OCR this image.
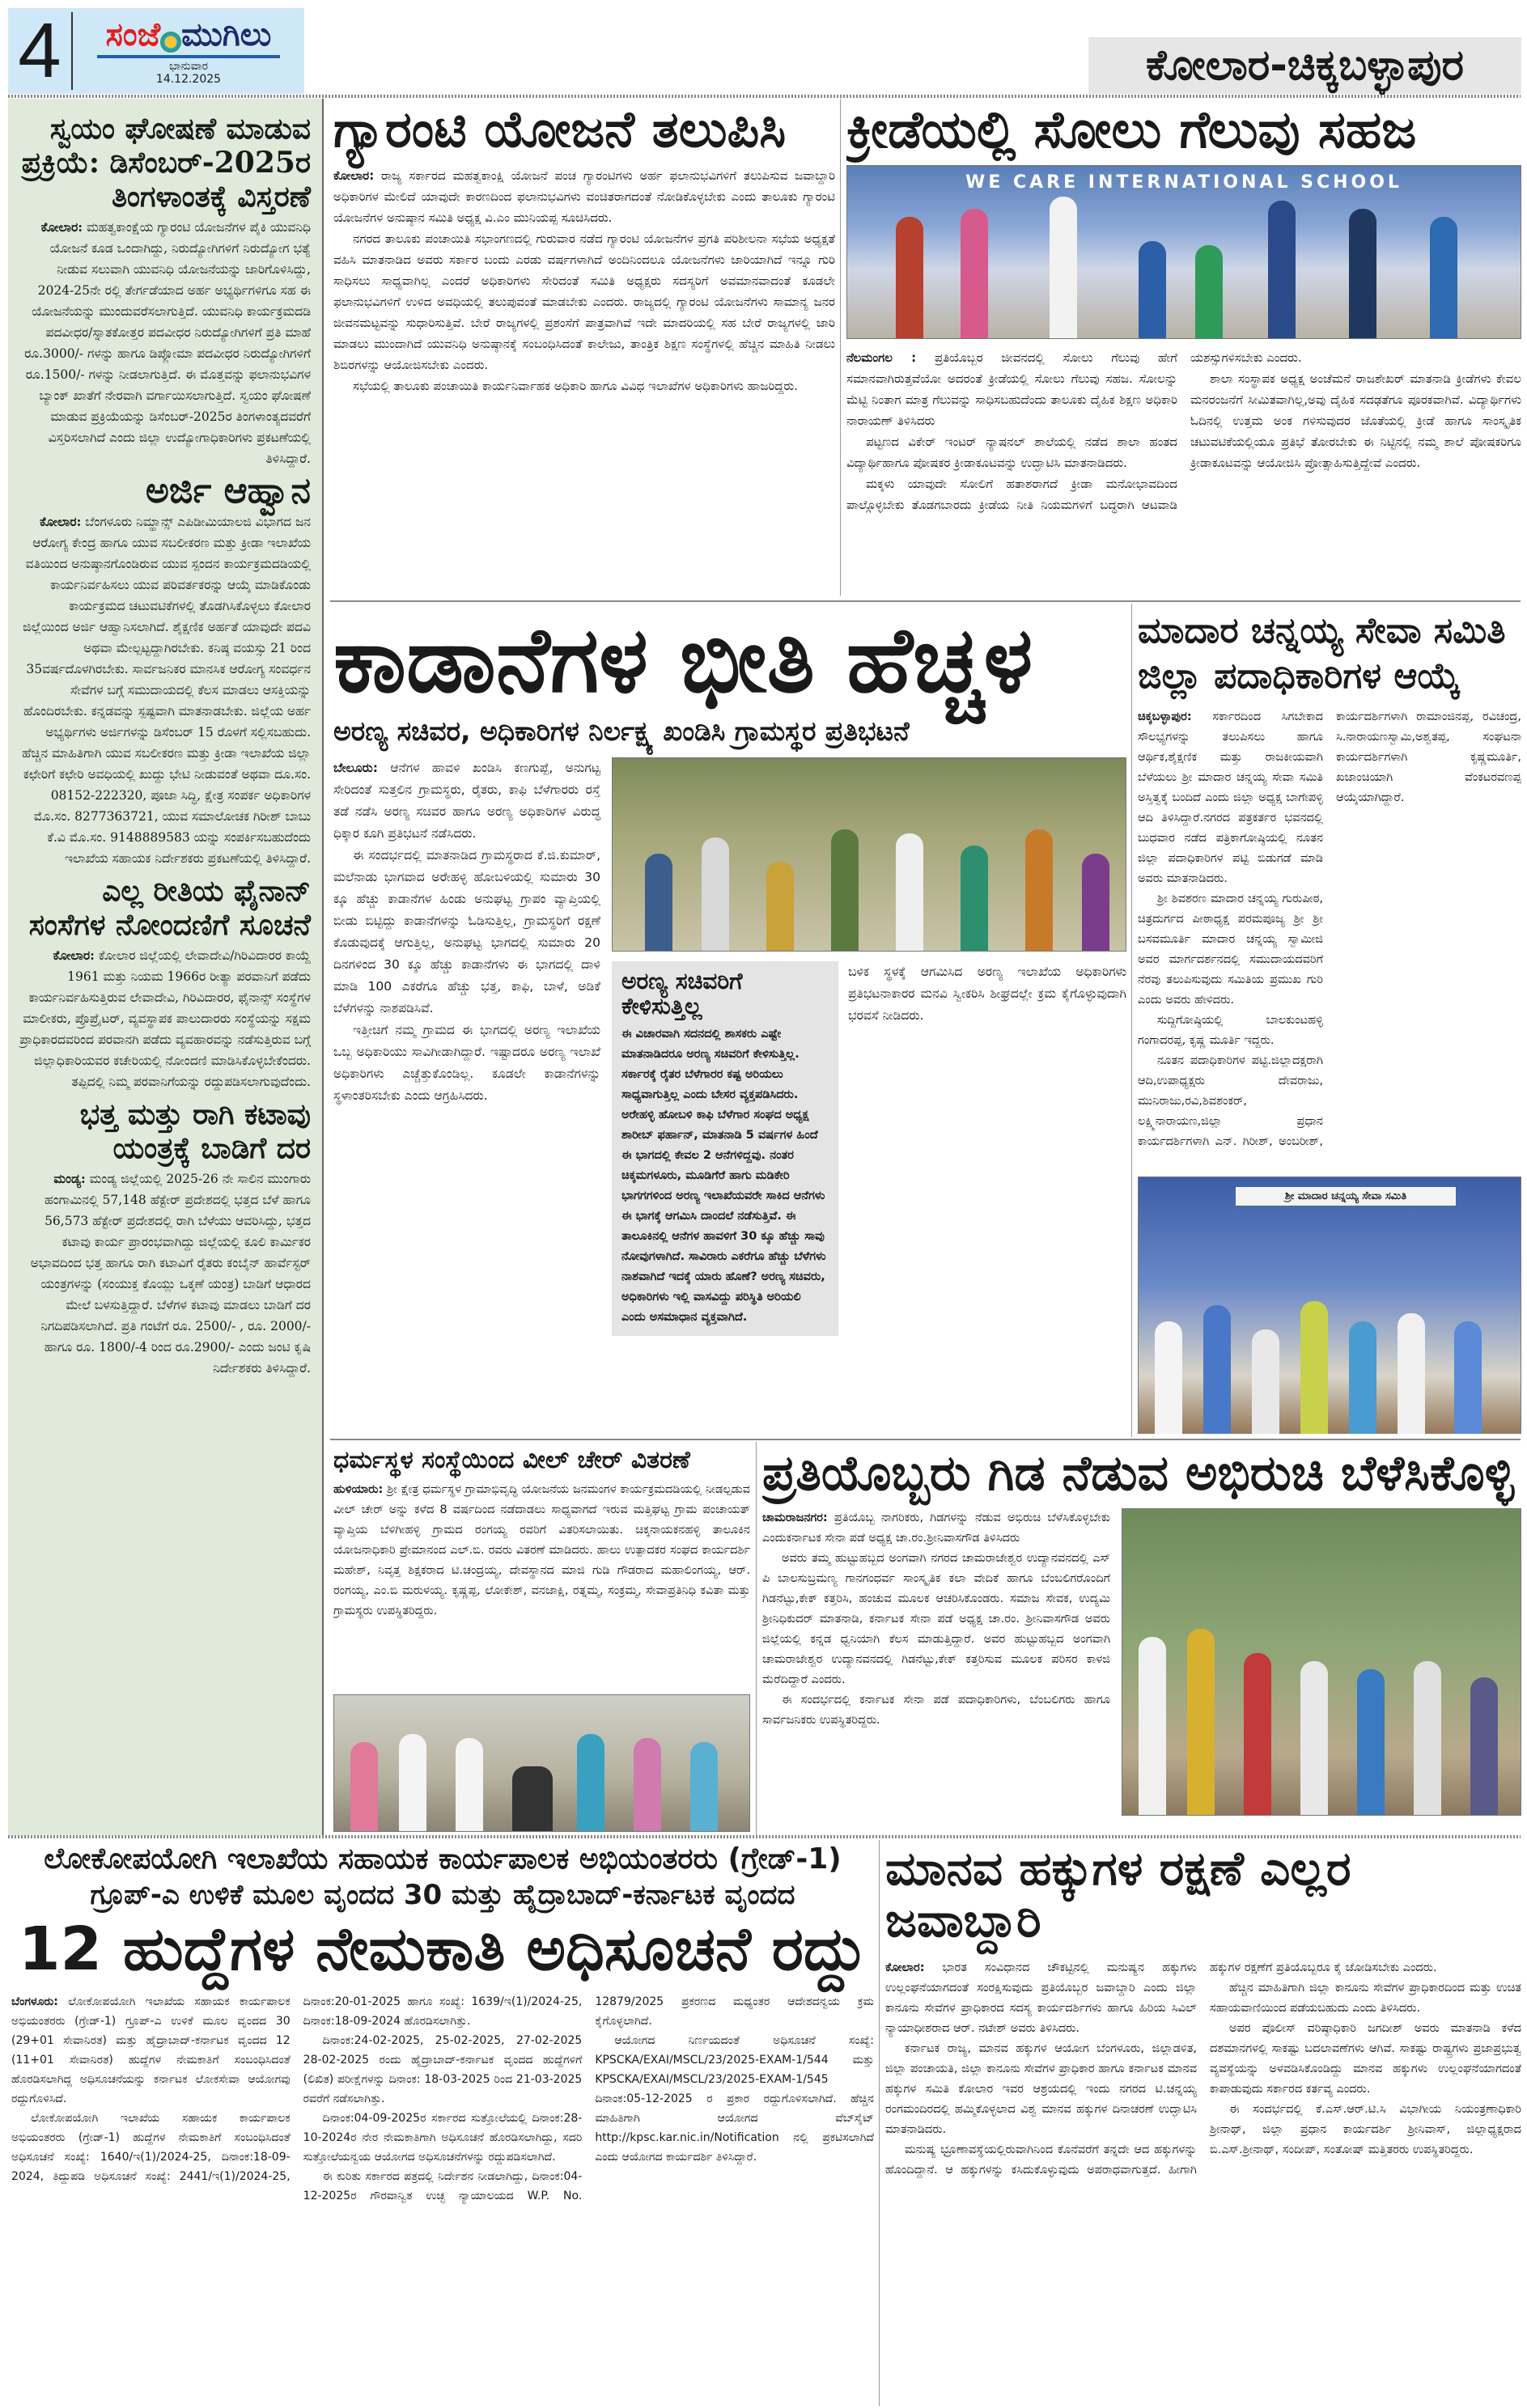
4	ಸಂಜೆ ಮುಗಿಲು
ಭಾನುವಾರ
14.12.2025	ಕೋಲಾರ-ಚಿಕ್ಕಬಳ್ಳಾಪುರ
ಸ್ವಯಂ ಘೋಷಣೆ ಮಾಡುವ ಪ್ರಕ್ರಿಯೆ: ಡಿಸೆಂಬರ್-2025ರ ತಿಂಗಳಾಂತಕ್ಕೆ ವಿಸ್ತರಣೆ

ಕೋಲಾರ: ಮಹತ್ವಕಾಂಕ್ಷೆಯ ಗ್ಯಾರಂಟಿ ಯೋಜನೆಗಳ ಪೈಕಿ ಯುವನಿಧಿ ಯೋಜನೆ ಕೂಡ ಒಂದಾಗಿದ್ದು, ನಿರುದ್ಯೋಗಿಗಳಿಗೆ ನಿರುದ್ಯೋಗ ಭತ್ಯೆ ನೀಡುವ ಸಲುವಾಗಿ ಯುವನಿಧಿ ಯೋಜನೆಯನ್ನು ಜಾರಿಗೊಳಿಸಿದ್ದು, 2024-25ನೇ ರಲ್ಲಿ ತೇರ್ಗಡೆಯಾದ ಅರ್ಹ ಅಭ್ಯರ್ಥಿಗಳಿಗೂ ಸಹ ಈ ಯೋಜನೆಯನ್ನು ಮುಂದುವರೆಸಲಾಗುತ್ತಿದೆ. ಯುವನಿಧಿ ಕಾರ್ಯಕ್ರಮದಡಿ ಪದವೀಧರ/ಸ್ನಾತಕೋತ್ತರ ಪದವೀಧರ ನಿರುದ್ಯೋಗಿಗಳಿಗೆ ಪ್ರತಿ ಮಾಹೆ ರೂ.3000/- ಗಳನ್ನು ಹಾಗೂ ಡಿಪ್ಲೋಮಾ ಪದವೀಧರ ನಿರುದ್ಯೋಗಿಗಳಿಗೆ ರೂ.1500/- ಗಳನ್ನು ನೀಡಲಾಗುತ್ತಿದೆ. ಈ ಮೊತ್ತವನ್ನು ಫಲಾನುಭವಿಗಳ ಬ್ಯಾಂಕ್ ಖಾತೆಗೆ ನೇರವಾಗಿ ವರ್ಗಾಯಿಸಲಾಗುತ್ತಿದೆ. ಸ್ವಯಂ ಘೋಷಣೆ ಮಾಡುವ ಪ್ರಕ್ರಿಯೆಯನ್ನು ಡಿಸೆಂಬರ್-2025ರ ತಿಂಗಳಾಂತ್ಯದವರೆಗೆ ವಿಸ್ತರಿಸಲಾಗಿದೆ ಎಂದು ಜಿಲ್ಲಾ ಉದ್ಯೋಗಾಧಿಕಾರಿಗಳು ಪ್ರಕಟಣೆಯಲ್ಲಿ ತಿಳಿಸಿದ್ದಾರೆ.

ಅರ್ಜಿ ಆಹ್ವಾನ

ಕೋಲಾರ: ಬೆಂಗಳೂರು ನಿಮ್ಹಾನ್ಸ್ ಎಪಿಡೀಮಿಯಾಲಜಿ ವಿಭಾಗದ ಜನ ಆರೋಗ್ಯ ಕೇಂದ್ರ ಹಾಗೂ ಯುವ ಸಬಲೀಕರಣ ಮತ್ತು ಕ್ರೀಡಾ ಇಲಾಖೆಯ ವತಿಯಿಂದ ಅನುಷ್ಠಾನಗೊಂಡಿರುವ ಯುವ ಸ್ಪಂದನ ಕಾರ್ಯಕ್ರಮದಡಿಯಲ್ಲಿ ಕಾರ್ಯನಿರ್ವಹಿಸಲು ಯುವ ಪರಿವರ್ತಕರನ್ನು ಆಯ್ಕೆ ಮಾಡಿಕೊಂಡು ಕಾರ್ಯಕ್ರಮದ ಚಟುವಟಿಕೆಗಳಲ್ಲಿ ತೊಡಗಿಸಿಕೊಳ್ಳಲು ಕೋಲಾರ ಜಿಲ್ಲೆಯಿಂದ ಅರ್ಜಿ ಆಹ್ವಾನಿಸಲಾಗಿದೆ. ಶೈಕ್ಷಣಿಕ ಅರ್ಹತೆ ಯಾವುದೇ ಪದವಿ ಅಥವಾ ಮೇಲ್ಪಟ್ಟದ್ದಾಗಿರಬೇಕು. ಕನಿಷ್ಠ ವಯಸ್ಸು 21 ರಿಂದ 35ವರ್ಷದೊಳಗಿರಬೇಕು. ಸಾರ್ವಜನಿಕರ ಮಾನಸಿಕ ಆರೋಗ್ಯ ಸಂವರ್ಧನ ಸೇವೆಗಳ ಬಗ್ಗೆ ಸಮುದಾಯದಲ್ಲಿ ಕೆಲಸ ಮಾಡಲು ಆಸಕ್ತಿಯನ್ನು ಹೊಂದಿರಬೇಕು. ಕನ್ನಡವನ್ನು ಸ್ಪಷ್ಟವಾಗಿ ಮಾತನಾಡಬೇಕು. ಜಿಲ್ಲೆಯ ಅರ್ಹ ಅಭ್ಯರ್ಥಿಗಳು ಅರ್ಜಿಗಳನ್ನು ಡಿಸೆಂಬರ್ 15 ರೊಳಗೆ ಸಲ್ಲಿಸಬಹುದು. ಹೆಚ್ಚಿನ ಮಾಹಿತಿಗಾಗಿ ಯುವ ಸಬಲೀಕರಣ ಮತ್ತು ಕ್ರೀಡಾ ಇಲಾಖೆಯ ಜಿಲ್ಲಾ ಕಛೇರಿಗೆ ಕಛೇರಿ ಅವಧಿಯಲ್ಲಿ ಖುದ್ದು ಭೇಟಿ ನೀಡುವಂತೆ ಅಥವಾ ದೂ.ಸಂ. 08152-222320, ಪೂಜಾ ಸಿದ್ಧಿ, ಕ್ಷೇತ್ರ ಸಂಪರ್ಕ ಅಧಿಕಾರಿಗಳ ಮೊ.ಸಂ. 8277363721, ಯುವ ಸಮಾಲೋಚಕ ಗಿರೀಶ್ ಬಾಬು ಕೆ.ವಿ ಮೊ.ಸಂ. 9148889583 ಯನ್ನು ಸಂಪರ್ಕಿಸಬಹುದೆಂದು ಇಲಾಖೆಯ ಸಹಾಯಕ ನಿರ್ದೇಶಕರು ಪ್ರಕಟಣೆಯಲ್ಲಿ ತಿಳಿಸಿದ್ದಾರೆ.

ಎಲ್ಲ ರೀತಿಯ ಫೈನಾನ್ ಸಂಸೆಗಳ ನೋಂದಣಿಗೆ ಸೂಚನೆ

ಕೋಲಾರ: ಕೋಲಾರ ಜಿಲ್ಲೆಯಲ್ಲಿ ಲೇವಾದೇವಿ/ಗಿರಿವಿದಾರರ ಕಾಯ್ದೆ 1961 ಮತ್ತು ನಿಯಮ 1966ರ ರೀತ್ಯಾ ಪರವಾನಿಗೆ ಪಡೆದು ಕಾರ್ಯನಿರ್ವಹಿಸುತ್ತಿರುವ ಲೇವಾದೇವಿ, ಗಿರಿವಿದಾರರ, ಫೈನಾನ್ಸ್ ಸಂಸ್ಥೆಗಳ ಮಾಲೀಕರು, ಪ್ರೊಪ್ರೈಟರ್, ವ್ಯವಸ್ಥಾಪಕ ಪಾಲುದಾರರು ಸಂಸ್ಥೆಯನ್ನು ಸಕ್ಷಮ ಪ್ರಾಧಿಕಾರದವರಿಂದ ಪರವಾನಗಿ ಪಡೆದು ವ್ಯವಹಾರವನ್ನು ನಡೆಸುತ್ತಿರುವ ಬಗ್ಗೆ ಜಿಲ್ಲಾಧಿಕಾರಿಯವರ ಕಚೇರಿಯಲ್ಲಿ ನೋಂದಣಿ ಮಾಡಿಸಿಕೊಳ್ಳಬೇಕೆಂದರು. ತಪ್ಪಿದಲ್ಲಿ ನಿಮ್ಮ ಪರವಾನಿಗೆಯನ್ನು ರದ್ದುಪಡಿಸಲಾಗುವುದೆಂದು.

ಭತ್ತ ಮತ್ತು ರಾಗಿ ಕಟಾವು ಯಂತ್ರಕ್ಕೆ ಬಾಡಿಗೆ ದರ

ಮಂಡ್ಯ: ಮಂಡ್ಯ ಜಿಲ್ಲೆಯಲ್ಲಿ 2025-26 ನೇ ಸಾಲಿನ ಮುಂಗಾರು ಹಂಗಾಮಿನಲ್ಲಿ 57,148 ಹೆಕ್ಟೇರ್ ಪ್ರದೇಶದಲ್ಲಿ ಭತ್ತದ ಬೆಳೆ ಹಾಗೂ 56,573 ಹೆಕ್ಟೇರ್ ಪ್ರದೇಶದಲ್ಲಿ ರಾಗಿ ಬೆಳೆಯು ಆವರಿಸಿದ್ದು, ಭತ್ತದ ಕಟಾವು ಕಾರ್ಯ ಪ್ರಾರಂಭವಾಗಿದ್ದು ಜಿಲ್ಲೆಯಲ್ಲಿ ಕೂಲಿ ಕಾರ್ಮಿಕರ ಅಭಾವದಿಂದ ಭತ್ತ ಹಾಗೂ ರಾಗಿ ಕಟಾವಿಗೆ ರೈತರು ಕಂಬೈನ್ ಹಾರ್ವೆಸ್ಟರ್ ಯಂತ್ರಗಳನ್ನು (ಸಂಯುಕ್ತ ಕೊಯ್ಲು ಒಕ್ಕಣೆ ಯಂತ್ರ) ಬಾಡಿಗೆ ಆಧಾರದ ಮೇಲೆ ಬಳಸುತ್ತಿದ್ದಾರೆ. ಬೆಳೆಗಳ ಕಟಾವು ಮಾಡಲು ಬಾಡಿಗೆ ದರ ನಿಗದಿಪಡಿಸಲಾಗಿದೆ. ಪ್ರತಿ ಗಂಟೆಗೆ ರೂ. 2500/- , ರೂ. 2000/- ಹಾಗೂ ರೂ. 1800/-4 ರಿಂದ ರೂ.2900/- ಎಂದು ಜಂಟಿ ಕೃಷಿ ನಿರ್ದೇಶಕರು ತಿಳಿಸಿದ್ದಾರೆ.

ಗ್ಯಾರಂಟಿ ಯೋಜನೆ ತಲುಪಿಸಿ

ಕೋಲಾರ: ರಾಜ್ಯ ಸರ್ಕಾರದ ಮಹತ್ವಕಾಂಕ್ಷಿ ಯೋಜನೆ ಪಂಚ ಗ್ಯಾರಂಟಿಗಳು ಅರ್ಹ ಫಲಾನುಭವಿಗಳಿಗೆ ತಲುಪಿಸುವ ಜವಾಬ್ದಾರಿ ಅಧಿಕಾರಿಗಳ ಮೇಲಿದೆ ಯಾವುದೇ ಕಾರಣದಿಂದ ಫಲಾನುಭವಿಗಳು ವಂಚಿತರಾಗದಂತೆ ನೋಡಿಕೊಳ್ಳಬೇಕು ಎಂದು ತಾಲೂಕು ಗ್ಯಾರಂಟಿ ಯೋಜನೆಗಳ ಅನುಷ್ಠಾನ ಸಮಿತಿ ಅಧ್ಯಕ್ಷ ವಿ.ಎಂ ಮುನಿಯಪ್ಪ ಸೂಚಿಸಿದರು.

ನಗರದ ತಾಲೂಕು ಪಂಚಾಯಿತಿ ಸಭಾಂಗಣದಲ್ಲಿ ಗುರುವಾರ ನಡೆದ ಗ್ಯಾರಂಟಿ ಯೋಜನೆಗಳ ಪ್ರಗತಿ ಪರಿಶೀಲನಾ ಸಭೆಯ ಅಧ್ಯಕ್ಷತೆ ವಹಿಸಿ ಮಾತನಾಡಿದ ಅವರು ಸರ್ಕಾರ ಬಂದು ಎರಡು ವರ್ಷಗಳಾಗಿದೆ ಅಂದಿನಿಂದಲೂ ಯೋಜನೆಗಳು ಜಾರಿಯಾಗಿದೆ ಇನ್ನೂ ಗುರಿ ಸಾಧಿಸಲು ಸಾಧ್ಯವಾಗಿಲ್ಲ ಎಂದರೆ ಅಧಿಕಾರಿಗಳು ಸೇರಿದಂತೆ ಸಮಿತಿ ಅಧ್ಯಕ್ಷರು ಸದಸ್ಯರಿಗೆ ಅವಮಾನವಾದಂತೆ ಕೂಡಲೇ ಫಲಾನುಭವಿಗಳಿಗೆ ಉಳಿದ ಅವಧಿಯಲ್ಲಿ ತಲುಪುವಂತೆ ಮಾಡಬೇಕು ಎಂದರು. ರಾಜ್ಯದಲ್ಲಿ ಗ್ಯಾರಂಟಿ ಯೋಜನೆಗಳು ಸಾಮಾನ್ಯ ಜನರ ಜೀವನಮಟ್ಟವನ್ನು ಸುಧಾರಿಸುತ್ತಿವೆ. ಬೇರೆ ರಾಜ್ಯಗಳಲ್ಲಿ ಪ್ರಶಂಸೆಗೆ ಪಾತ್ರವಾಗಿವೆ ಇದೇ ಮಾದರಿಯಲ್ಲಿ ಸಹ ಬೇರೆ ರಾಜ್ಯಗಳಲ್ಲಿ ಜಾರಿ ಮಾಡಲು ಮುಂದಾಗಿದೆ ಯುವನಿಧಿ ಅನುಷ್ಠಾನಕ್ಕೆ ಸಂಬಂಧಿಸಿದಂತೆ ಕಾಲೇಜು, ತಾಂತ್ರಿಕ ಶಿಕ್ಷಣ ಸಂಸ್ಥೆಗಳಲ್ಲಿ ಹೆಚ್ಚಿನ ಮಾಹಿತಿ ನೀಡಲು ಶಿಬಿರಗಳನ್ನು ಆಯೋಜಿಸಬೇಕು ಎಂದರು.

ಸಭೆಯಲ್ಲಿ ತಾಲೂಕು ಪಂಚಾಯಿತಿ ಕಾರ್ಯನಿರ್ವಾಹಕ ಅಧಿಕಾರಿ ಹಾಗೂ ವಿವಿಧ ಇಲಾಖೆಗಳ ಅಧಿಕಾರಿಗಳು ಹಾಜರಿದ್ದರು.

ಕ್ರೀಡೆಯಲ್ಲಿ ಸೋಲು ಗೆಲುವು ಸಹಜ
WE CARE INTERNATIONAL SCHOOL

ನೆಲಮಂಗಲ : ಪ್ರತಿಯೊಬ್ಬರ ಜೀವನದಲ್ಲಿ ಸೋಲು ಗೆಲುವು ಹೇಗೆ ಸಮಾನವಾಗಿರುತ್ತವೆಯೋ ಅದರಂತೆ ಕ್ರೀಡೆಯಲ್ಲಿ ಸೋಲು ಗೆಲುವು ಸಹಜ. ಸೋಲನ್ನು ಮೆಟ್ಟಿ ನಿಂತಾಗ ಮಾತ್ರ ಗೆಲುವನ್ನು ಸಾಧಿಸಬಹುದೆಂದು ತಾಲೂಕು ದೈಹಿಕ ಶಿಕ್ಷಣ ಅಧಿಕಾರಿ ನಾರಾಯಣ್ ತಿಳಿಸಿದರು

ಪಟ್ಟಣದ ವಿಕೇರ್ ಇಂಟರ್ ನ್ಯಾಷನಲ್ ಶಾಲೆಯಲ್ಲಿ ನಡೆದ ಶಾಲಾ ಹಂತದ ವಿದ್ಯಾರ್ಥಿಹಾಗೂ ಪೋಷಕರ ಕ್ರೀಡಾಕೂಟವನ್ನು ಉದ್ಘಾಟಿಸಿ ಮಾತನಾಡಿದರು.

ಮಕ್ಕಳು ಯಾವುದೇ ಸೋಲಿಗೆ ಹತಾಶರಾಗದೆ ಕ್ರೀಡಾ ಮನೋಭಾವದಿಂದ ಪಾಲ್ಗೊಳ್ಳಬೇಕು ತೊಡಗಬಾರದು ಕ್ರೀಡೆಯ ನೀತಿ ನಿಯಮಗಳಿಗೆ ಬದ್ಧರಾಗಿ ಆಟವಾಡಿ ಯಶಸ್ಸುಗಳಿಸಬೇಕು ಎಂದರು.

ಶಾಲಾ ಸಂಸ್ಥಾಪಕ ಅಧ್ಯಕ್ಷ ಅಂಚೆಮನೆ ರಾಜಶೇಖರ್ ಮಾತನಾಡಿ ಕ್ರೀಡೆಗಳು ಕೇವಲ ಮನರಂಜನೆಗೆ ಸೀಮಿತವಾಗಿಲ್ಲ,ಅವು ದೈಹಿಕ ಸದಢತೆಗೂ ಪೂರಕವಾಗಿವೆ. ವಿದ್ಯಾರ್ಥಿಗಳು ಓದಿನಲ್ಲಿ ಉತ್ತಮ ಅಂಕ ಗಳಿಸುವುದರ ಜೊತೆಯಲ್ಲಿ ಕ್ರೀಡೆ ಹಾಗೂ ಸಾಂಸ್ಕೃತಿಕ ಚಟುವಟಿಕೆಯಲ್ಲಿಯೂ ಪ್ರತಿಭೆ ತೋರಬೇಕು ಈ ನಿಟ್ಟಿನಲ್ಲಿ ನಮ್ಮ ಶಾಲೆ ಪೋಷಕರಿಗೂ ಕ್ರೀಡಾಕೂಟವನ್ನು ಆಯೋಜಿಸಿ ಪ್ರೋತ್ಸಾಹಿಸುತ್ತಿದ್ದೇವೆ ಎಂದರು.

ಕಾಡಾನೆಗಳ ಭೀತಿ ಹೆಚ್ಚಳ
ಅರಣ್ಯ ಸಚಿವರ, ಅಧಿಕಾರಿಗಳ ನಿರ್ಲಕ್ಷ್ಯ ಖಂಡಿಸಿ ಗ್ರಾಮಸ್ಥರ ಪ್ರತಿಭಟನೆ

ಬೇಲೂರು: ಆನೆಗಳ ಹಾವಳಿ ಖಂಡಿಸಿ ಕಣಗುಪ್ಪೆ, ಅನುಗಟ್ಟ ಸೇರಿದಂತೆ ಸುತ್ತಲಿನ ಗ್ರಾಮಸ್ಥರು, ರೈತರು, ಕಾಫಿ ಬೆಳೆಗಾರರು ರಸ್ತೆ ತಡೆ ನಡೆಸಿ ಅರಣ್ಯ ಸಚಿವರ ಹಾಗೂ ಅರಣ್ಯ ಅಧಿಕಾರಿಗಳ ವಿರುದ್ಧ ಧಿಕ್ಕಾರ ಕೂಗಿ ಪ್ರತಿಭಟನೆ ನಡೆಸಿದರು.

ಈ ಸಂದರ್ಭದಲ್ಲಿ ಮಾತನಾಡಿದ ಗ್ರಾಮಸ್ಥರಾದ ಕೆ.ಜಿ.ಕುಮಾರ್, ಮಲೆನಾಡು ಭಾಗವಾದ ಅರೇಹಳ್ಳಿ ಹೋಬಳಿಯಲ್ಲಿ ಸುಮಾರು 30 ಕ್ಕೂ ಹೆಚ್ಚು ಕಾಡಾನೆಗಳ ಹಿಂಡು ಅನುಘಟ್ಟ ಗ್ರಾಪಂ ವ್ಯಾಪ್ತಿಯಲ್ಲಿ ಬೀಡು ಬಿಟ್ಟಿದ್ದು ಕಾಡಾನೆಗಳನ್ನು ಓಡಿಸುತ್ತಿಲ್ಲ, ಗ್ರಾಮಸ್ಥರಿಗೆ ರಕ್ಷಣೆ ಕೊಡುವುದಕ್ಕೆ ಆಗುತ್ತಿಲ್ಲ, ಅನುಘಟ್ಟ ಭಾಗದಲ್ಲಿ ಸುಮಾರು 20 ದಿನಗಳಿಂದ 30 ಕ್ಕೂ ಹೆಚ್ಚು ಕಾಡಾನೆಗಳು ಈ ಭಾಗದಲ್ಲಿ ದಾಳಿ ಮಾಡಿ 100 ಎಕರೆಗೂ ಹೆಚ್ಚು ಭತ್ತ, ಕಾಫಿ, ಬಾಳೆ, ಅಡಿಕೆ ಬೆಳೆಗಳನ್ನು ನಾಶಪಡಿಸಿವೆ.

ಇತ್ತೀಚಿಗೆ ನಮ್ಮ ಗ್ರಾಮದ ಈ ಭಾಗದಲ್ಲಿ ಅರಣ್ಯ ಇಲಾಖೆಯ ಒಬ್ಬ ಅಧಿಕಾರಿಯು ಸಾವಿಗೀಡಾಗಿದ್ದಾರೆ. ಇಷ್ಟಾದರೂ ಅರಣ್ಯ ಇಲಾಖೆ ಅಧಿಕಾರಿಗಳು ಎಚ್ಚೆತ್ತುಕೊಂಡಿಲ್ಲ. ಕೂಡಲೇ ಕಾಡಾನೆಗಳನ್ನು ಸ್ಥಳಾಂತರಿಸಬೇಕು ಎಂದು ಆಗ್ರಹಿಸಿದರು.

ಅರಣ್ಯ ಸಚಿವರಿಗೆ ಕೇಳಿಸುತ್ತಿಲ್ಲ
ಈ ವಿಚಾರವಾಗಿ ಸದನದಲ್ಲಿ ಶಾಸಕರು ಎಷ್ಟೇ ಮಾತನಾಡಿದರೂ ಅರಣ್ಯ ಸಚಿವರಿಗೆ ಕೇಳಿಸುತ್ತಿಲ್ಲ. ಸರ್ಕಾರಕ್ಕೆ ರೈತರ ಬೆಳೆಗಾರರ ಕಷ್ಟ ಅರಿಯಲು ಸಾಧ್ಯವಾಗುತ್ತಿಲ್ಲ ಎಂದು ಬೇಸರ ವ್ಯಕ್ತಪಡಿಸಿದರು. ಅರೇಹಳ್ಳಿ ಹೋಬಳಿ ಕಾಫಿ ಬೆಳೆಗಾರ ಸಂಘದ ಅಧ್ಯಕ್ಷ ಶಾರೀಬ್ ಫರ್ಹಾನ್, ಮಾತನಾಡಿ 5 ವರ್ಷಗಳ ಹಿಂದೆ ಈ ಭಾಗದಲ್ಲಿ ಕೇವಲ 2 ಆನೆಗಳಿದ್ದವು. ನಂತರ ಚಿಕ್ಕಮಗಳೂರು, ಮೂಡಿಗೆರೆ ಹಾಗು ಮಡಿಕೇರಿ ಭಾಗಗಗಳಿಂದ ಅರಣ್ಯ ಇಲಾಖೆಯವರೇ ಸಾಕಿದ ಆನೆಗಳು ಈ ಭಾಗಕ್ಕೆ ಆಗಮಿಸಿ ದಾಂದಲೆ ನಡೆಸುತ್ತಿವೆ. ಈ ತಾಲೂಕಿನಲ್ಲಿ ಆನೆಗಳ ಹಾವಳಿಗೆ 30 ಕ್ಕೂ ಹೆಚ್ಚು ಸಾವು ನೋವುಗಳಾಗಿದೆ. ಸಾವಿರಾರು ಎಕರೆಗೂ ಹೆಚ್ಚು ಬೆಳೆಗಳು ನಾಶವಾಗಿದೆ ಇದಕ್ಕೆ ಯಾರು ಹೊಣೆ? ಅರಣ್ಯ ಸಚಿವರು, ಅಧಿಕಾರಿಗಳು ಇಲ್ಲಿ ವಾಸವಿದ್ದು ಪರಿಸ್ಥಿತಿ ಅರಿಯಲಿ ಎಂದು ಅಸಮಾಧಾನ ವ್ಯಕ್ತವಾಗಿದೆ.

ಬಳಿಕ ಸ್ಥಳಕ್ಕೆ ಆಗಮಿಸಿದ ಅರಣ್ಯ ಇಲಾಖೆಯ ಅಧಿಕಾರಿಗಳು ಪ್ರತಿಭಟನಾಕಾರರ ಮನವಿ ಸ್ವೀಕರಿಸಿ ಶೀಘ್ರದಲ್ಲೇ ಕ್ರಮ ಕೈಗೊಳ್ಳುವುದಾಗಿ ಭರವಸೆ ನೀಡಿದರು.

ಮಾದಾರ ಚನ್ನಯ್ಯ ಸೇವಾ ಸಮಿತಿ ಜಿಲ್ಲಾ ಪದಾಧಿಕಾರಿಗಳ ಆಯ್ಕೆ

ಚಿಕ್ಕಬಳ್ಳಾಪುರ: ಸರ್ಕಾರದಿಂದ ಸಿಗಬೇಕಾದ ಸೌಲಭ್ಯಗಳನ್ನು ತಲುಪಿಸಲು ಹಾಗೂ ಆರ್ಥಿಕ,ಶೈಕ್ಷಣಿಕ ಮತ್ತು ರಾಜಕೀಯವಾಗಿ ಬೆಳೆಯಲು ಶ್ರೀ ಮಾದಾರ ಚನ್ನಯ್ಯ ಸೇವಾ ಸಮಿತಿ ಅಸ್ತಿತ್ವಕ್ಕೆ ಬಂದಿದೆ ಎಂದು ಜಿಲ್ಲಾ ಅಧ್ಯಕ್ಷ ಬಾಗೇಪಳ್ಳಿ ಆದಿ ತಿಳಿಸಿದ್ದಾರೆ.ನಗರದ ಪತ್ರಕರ್ತರ ಭವನದಲ್ಲಿ ಬುಧವಾರ ನಡೆದ ಪತ್ರಿಕಾಗೋಷ್ಠಿಯಲ್ಲಿ ನೂತನ ಜಿಲ್ಲಾ ಪದಾಧಿಕಾರಿಗಳ ಪಟ್ಟಿ ಬಿಡುಗಡೆ ಮಾಡಿ ಅವರು ಮಾತನಾಡಿದರು.

ಶ್ರೀ ಶಿವಶರಣ ಮಾದಾರ ಚನ್ನಯ್ಯ ಗುರುಪೀಠ, ಚಿತ್ರದುರ್ಗದ ಪೀಠಾಧ್ಯಕ್ಷ ಪರಮಪೂಜ್ಯ ಶ್ರೀ ಶ್ರೀ ಬಸವಮೂರ್ತಿ ಮಾದಾರ ಚನ್ನಯ್ಯ ಸ್ವಾಮೀಜಿ ಅವರ ಮಾರ್ಗದರ್ಶನದಲ್ಲಿ ಸಮುದಾಯದವರಿಗೆ ನೆರವು ತಲುಪಿಸುವುದು ಸಮಿತಿಯ ಪ್ರಮುಖ ಗುರಿ ಎಂದು ಅವರು ಹೇಳಿದರು.

ಸುದ್ದಿಗೋಷ್ಠಿಯಲ್ಲಿ ಬಾಲಕುಂಟಹಳ್ಳಿ ಗಂಗಾದರಪ್ಪ, ಕೃಷ್ಣ ಮೂರ್ತಿ ಇದ್ದರು.

ನೂತನ ಪದಾಧಿಕಾರಿಗಳ ಪಟ್ಟಿ.ಜಿಲ್ಲಾದಕ್ಷರಾಗಿ ಆದಿ,ಉಪಾಧ್ಯಕ್ಷರು ದೇವರಾಜು, ಮುನಿರಾಜು,ರವಿ,ಶಿವಶಂಕರ್, ಲಕ್ಷ್ಮಿನಾರಾಯಣ,ಜಿಲ್ಲಾ ಪ್ರಧಾನ ಕಾರ್ಯದರ್ಶಿಗಳಾಗಿ ಎನ್. ಗಿರೀಶ್, ಅಂಬರೀಶ್, ಕಾರ್ಯದರ್ಶಿಗಳಾಗಿ ರಾಮಾಂಜಿನಪ್ಪ, ರವಿಚಂದ್ರ, ಸಿ.ನಾರಾಯಣಸ್ವಾಮಿ,ಅಶ್ವತಪ್ಪ, ಸಂಘಟನಾ ಕಾರ್ಯದರ್ಶಿಗಳಾಗಿ ಕೃಷ್ಣಮೂರ್ತಿ, ಖಜಾಂಚಿಯಾಗಿ ವೆಂಕಟರವಣಪ್ಪ ಆಯ್ಕೆಯಾಗಿದ್ದಾರೆ.

ಶ್ರೀ ಮಾದಾರ ಚನ್ನಯ್ಯ ಸೇವಾ ಸಮಿತಿ
ಧರ್ಮಸ್ಥಳ ಸಂಸ್ಥೆಯಿಂದ ವೀಲ್ ಚೇರ್ ವಿತರಣೆ

ಹುಳಿಯಾರು: ಶ್ರೀ ಕ್ಷೇತ್ರ ಧರ್ಮಸ್ಥಳ ಗ್ರಾಮಾಭಿವೃದ್ಧಿ ಯೋಜನೆಯ ಜನಮಂಗಳ ಕಾರ್ಯಕ್ರಮದಡಿಯಲ್ಲಿ ನೀಡಲ್ಪಡುವ ವೀಲ್ ಚೇರ್ ಅನ್ನು ಕಳೆದ 8 ವರ್ಷದಿಂದ ನಡೆದಾಡಲು ಸಾಧ್ಯವಾಗದೆ ಇರುವ ಮತ್ತಿಘಟ್ಟ ಗ್ರಾಮ ಪಂಚಾಯತ್ ವ್ಯಾಪ್ತಿಯ ಬೆಳಿಗೀಹಳ್ಳಿ ಗ್ರಾಮದ ರಂಗಯ್ಯ ರವರಿಗೆ ವಿತರಿಸಲಾಯಿತು. ಚಿಕ್ಕನಾಯಕನಹಳ್ಳಿ ತಾಲೂಕಿನ ಯೋಜನಾಧಿಕಾರಿ ಪ್ರೇಮಾನಂದ ಎಲ್.ಬಿ. ರವರು ವಿತರಣೆ ಮಾಡಿದರು. ಹಾಲು ಉತ್ಪಾದಕರ ಸಂಘದ ಕಾರ್ಯದರ್ಶಿ ಮಹೇಶ್, ನಿವೃತ್ತ ಶಿಕ್ಷಕರಾದ ಟಿ.ಚಂದ್ರಯ್ಯ, ದೇವಸ್ಥಾನದ ಮಾಜಿ ಗುಡಿ ಗೌಡರಾದ ಮಹಾಲಿಂಗಯ್ಯ, ಆರ್. ರಂಗಯ್ಯ, ಎಂ.ಬಿ ಮರುಳಯ್ಯ. ಕೃಷ್ಣಪ್ಪ, ಲೋಕೇಶ್, ವನಜಾಕ್ಷಿ, ರತ್ನಮ್ಮ, ಸಂಕ್ರಮ್ಮ, ಸೇವಾಪ್ರತಿನಿಧಿ ಕವಿತಾ ಮತ್ತು ಗ್ರಾಮಸ್ಥರು ಉಪಸ್ಥಿತರಿದ್ದರು.

ಪ್ರತಿಯೊಬ್ಬರು ಗಿಡ ನೆಡುವ ಅಭಿರುಚಿ ಬೆಳೆಸಿಕೊಳ್ಳಿ

ಚಾಮರಾಜನಗರ: ಪ್ರತಿಯೊಬ್ಬ ನಾಗರಿಕರು, ಗಿಡಗಳನ್ನು ನೆಡುವ ಅಭಿರುಚಿ ಬೆಳೆಸಿಕೊಳ್ಳಬೇಕು ಎಂದುಕರ್ನಾಟಕ ಸೇನಾ ಪಡೆ ಅಧ್ಯಕ್ಷ ಚಾ.ರಂ.ಶ್ರೀನಿವಾಸಗೌಡ ತಿಳಿಸಿದರು

ಅವರು ತಮ್ಮ ಹುಟ್ಟುಹಬ್ಬದ ಅಂಗವಾಗಿ ನಗರದ ಚಾಮರಾಜೇಶ್ವರ ಉದ್ಯಾನವನದಲ್ಲಿ ಎಸ್ ಪಿ ಬಾಲಸುಬ್ರಮಣ್ಯ ಗಾನಗಂಧರ್ವ ಸಾಂಸ್ಕೃತಿಕ ಕಲಾ ವೇದಿಕೆ ಹಾಗೂ ಬೆಂಬಲಿಗರೊಂದಿಗೆ ಗಿಡನೆಟ್ಟು,ಕೇಕ್ ಕತ್ತರಿಸಿ, ಹಂಚುವ ಮೂಲಕ ಆಚರಿಸಿಕೊಂಡರು. ಸಮಾಜ ಸೇವಕ, ಉದ್ಯಮಿ ಶ್ರೀನಿಧಿಕುದರ್ ಮಾತನಾಡಿ, ಕರ್ನಾಟಕ ಸೇನಾ ಪಡೆ ಅಧ್ಯಕ್ಷ ಚಾ.ರಂ. ಶ್ರೀನಿವಾಸಗೌಡ ಅವರು ಜಿಲ್ಲೆಯಲ್ಲಿ ಕನ್ನಡ ಧ್ವನಿಯಾಗಿ ಕೆಲಸ ಮಾಡುತ್ತಿದ್ದಾರೆ. ಅವರ ಹುಟ್ಟುಹಬ್ಬದ ಅಂಗವಾಗಿ ಚಾಮರಾಜೇಶ್ವರ ಉದ್ಯಾನವನದಲ್ಲಿ ಗಿಡನೆಟ್ಟು,ಕೇಕ್ ಕತ್ತರಿಸುವ ಮೂಲಕ ಪರಿಸರ ಕಾಳಜಿ ಮೆರೆದಿದ್ದಾರೆ ಎಂದರು.

ಈ ಸಂದರ್ಭದಲ್ಲಿ ಕರ್ನಾಟಕ ಸೇನಾ ಪಡೆ ಪದಾಧಿಕಾರಿಗಳು, ಬೆಂಬಲಿಗರು ಹಾಗೂ ಸಾರ್ವಜನಿಕರು ಉಪಸ್ಥಿತರಿದ್ದರು.

ಲೋಕೋಪಯೋಗಿ ಇಲಾಖೆಯ ಸಹಾಯಕ ಕಾರ್ಯಪಾಲಕ ಅಭಿಯಂತರರು (ಗ್ರೇಡ್-1)
ಗ್ರೂಪ್-ಎ ಉಳಿಕೆ ಮೂಲ ವೃಂದದ 30 ಮತ್ತು ಹೈದ್ರಾಬಾದ್-ಕರ್ನಾಟಕ ವೃಂದದ
12 ಹುದ್ದೆಗಳ ನೇಮಕಾತಿ ಅಧಿಸೂಚನೆ ರದ್ದು

ಬೆಂಗಳೂರು: ಲೋಕೋಪಯೋಗಿ ಇಲಾಖೆಯ ಸಹಾಯಕ ಕಾರ್ಯಪಾಲಕ ಅಭಿಯಂತರರು (ಗ್ರೇಡ್-1) ಗ್ರೂಪ್-ಎ ಉಳಿಕೆ ಮೂಲ ವೃಂದದ 30 (29+01 ಸೇವಾನಿರತ) ಮತ್ತು ಹೈದ್ರಾಬಾದ್-ಕರ್ನಾಟಕ ವೃಂದದ 12 (11+01 ಸೇವಾನಿರತ) ಹುದ್ದೆಗಳ ನೇಮಕಾತಿಗೆ ಸಂಬಂಧಿಸಿದಂತೆ ಹೊರಡಿಸಲಾಗಿದ್ದ ಅಧಿಸೂಚನೆಯನ್ನು ಕರ್ನಾಟಕ ಲೋಕಸೇವಾ ಆಯೋಗವು ರದ್ದುಗೊಳಿಸಿದೆ.

ಲೋಕೋಪಯೋಗಿ ಇಲಾಖೆಯ ಸಹಾಯಕ ಕಾರ್ಯಪಾಲಕ ಅಭಿಯಂತರರು (ಗ್ರೇಡ್-1) ಹುದ್ದೆಗಳ ನೇಮಕಾತಿಗೆ ಸಂಬಂಧಿಸಿದಂತೆ ಅಧಿಸೂಚನೆ ಸಂಖ್ಯೆ: 1640/ಇ(1)/2024-25, ದಿನಾಂಕ:18-09-2024, ತಿದ್ದುಪಡಿ ಅಧಿಸೂಚನೆ ಸಂಖ್ಯೆ: 2441/ಇ(1)/2024-25, ದಿನಾಂಕ:20-01-2025 ಹಾಗೂ ಸಂಖ್ಯೆ: 1639/ಇ(1)/2024-25, ದಿನಾಂಕ:18-09-2024 ಹೊರಡಿಸಲಾಗಿತ್ತು.

ದಿನಾಂಕ:24-02-2025, 25-02-2025, 27-02-2025 28-02-2025 ರಂದು ಹೈದ್ರಾಬಾದ್-ಕರ್ನಾಟಕ ವೃಂದದ ಹುದ್ದೆಗಳಿಗೆ (ಲಿಖಿತ) ಪರೀಕ್ಷೆಗಳನ್ನು ದಿನಾಂಕ: 18-03-2025 ರಿಂದ 21-03-2025 ರವರೆಗೆ ನಡೆಸಲಾಗಿತ್ತು.

ದಿನಾಂಕ:04-09-2025ರ ಸರ್ಕಾರದ ಸುತ್ತೋಲೆಯಲ್ಲಿ ದಿನಾಂಕ:28-10-2024ರ ನೇರ ನೇಮಕಾತಿಗಾಗಿ ಅಧಿಸೂಚನೆ ಹೊರಡಿಸಲಾಗಿದ್ದು, ಸದರಿ ಸುತ್ತೋಲೆಯನ್ವಯ ಆಯೋಗದ ಅಧಿಸೂಚನೆಗಳನ್ನು ರದ್ದುಪಡಿಸಲಾಗಿದೆ.

ಈ ಕುರಿತು ಸರ್ಕಾರದ ಪತ್ರದಲ್ಲಿ ನಿರ್ದೇಶನ ನೀಡಲಾಗಿದ್ದು, ದಿನಾಂಕ:04-12-2025ರ ಗೌರವಾನ್ವಿತ ಉಚ್ಛ ನ್ಯಾಯಾಲಯದ W.P. No. 12879/2025 ಪ್ರಕರಣದ ಮಧ್ಯಂತರ ಆದೇಶದನ್ವಯ ಕ್ರಮ ಕೈಗೊಳ್ಳಲಾಗಿದೆ.

ಆಯೋಗದ ನಿರ್ಣಯದಂತೆ ಅಧಿಸೂಚನೆ ಸಂಖ್ಯೆ: KPSCKA/EXAI/MSCL/23/2025-EXAM-1/544 ಮತ್ತು KPSCKA/EXAI/MSCL/23/2025-EXAM-1/545 ದಿನಾಂಕ:05-12-2025 ರ ಪ್ರಕಾರ ರದ್ದುಗೊಳಿಸಲಾಗಿದೆ. ಹೆಚ್ಚಿನ ಮಾಹಿತಿಗಾಗಿ ಆಯೋಗದ ವೆಬ್‌ಸೈಟ್ http://kpsc.kar.nic.in/Notification ನಲ್ಲಿ ಪ್ರಕಟಿಸಲಾಗಿದೆ ಎಂದು ಆಯೋಗದ ಕಾರ್ಯದರ್ಶಿ ತಿಳಿಸಿದ್ದಾರೆ.

ಮಾನವ ಹಕ್ಕುಗಳ ರಕ್ಷಣೆ ಎಲ್ಲರ ಜವಾಬ್ದಾರಿ

ಕೋಲಾರ: ಭಾರತ ಸಂವಿಧಾನದ ಚೌಕಟ್ಟಿನಲ್ಲಿ ಮನುಷ್ಯನ ಹಕ್ಕುಗಳು ಉಲ್ಲಂಘನೆಯಾಗದಂತೆ ಸಂರಕ್ಷಿಸುವುದು ಪ್ರತಿಯೊಬ್ಬರ ಜವಾಬ್ದಾರಿ ಎಂದು ಜಿಲ್ಲಾ ಕಾನೂನು ಸೇವೆಗಳ ಪ್ರಾಧಿಕಾರದ ಸದಸ್ಯ ಕಾರ್ಯದರ್ಶಿಗಳು ಹಾಗೂ ಹಿರಿಯ ಸಿವಿಲ್ ನ್ಯಾಯಾಧೀಶರಾದ ಆರ್. ನಟೇಶ್ ಅವರು ತಿಳಿಸಿದರು.

ಕರ್ನಾಟಕ ರಾಜ್ಯ, ಮಾನವ ಹಕ್ಕುಗಳ ಆಯೋಗ ಬೆಂಗಳೂರು, ಜಿಲ್ಲಾಡಳಿತ, ಜಿಲ್ಲಾ ಪಂಚಾಯತಿ, ಜಿಲ್ಲಾ ಕಾನೂನು ಸೇವೆಗಳ ಪ್ರಾಧಿಕಾರ ಹಾಗೂ ಕರ್ನಾಟಕ ಮಾನವ ಹಕ್ಕುಗಳ ಸಮಿತಿ ಕೋಲಾರ ಇವರ ಆಶ್ರಯದಲ್ಲಿ ಇಂದು ನಗರದ ಟಿ.ಚನ್ನಯ್ಯ ರಂಗಮಂದಿರದಲ್ಲಿ ಹಮ್ಮಿಕೊಳ್ಳಲಾದ ವಿಶ್ವ ಮಾನವ ಹಕ್ಕುಗಳ ದಿನಾಚರಣೆ ಉದ್ಘಾಟಿಸಿ ಮಾತನಾಡಿದರು.

ಮನುಷ್ಯ ಭ್ರೂಣಾವಸ್ಥೆಯಲ್ಲಿರುವಾಗಿನಿಂದ ಕೊನೆವರೆಗೆ ತನ್ನದೇ ಆದ ಹಕ್ಕುಗಳನ್ನು ಹೊಂದಿದ್ದಾನೆ. ಆ ಹಕ್ಕುಗಳನ್ನು ಕಸಿದುಕೊಳ್ಳುವುದು ಅಪರಾಧವಾಗುತ್ತದೆ. ಹೀಗಾಗಿ ಹಕ್ಕುಗಳ ರಕ್ಷಣೆಗೆ ಪ್ರತಿಯೊಬ್ಬರೂ ಕೈ ಜೋಡಿಸಬೇಕು ಎಂದರು.

ಹೆಚ್ಚಿನ ಮಾಹಿತಿಗಾಗಿ ಜಿಲ್ಲಾ ಕಾನೂನು ಸೇವೆಗಳ ಪ್ರಾಧಿಕಾರದಿಂದ ಮತ್ತು ಉಚಿತ ಸಹಾಯವಾಣಿಯಿಂದ ಪಡೆಯಬಹುದು ಎಂದು ತಿಳಿಸಿದರು.

ಅಪರ ಪೊಲೀಸ್ ವರಿಷ್ಠಾಧಿಕಾರಿ ಜಗದೀಶ್ ಅವರು ಮಾತನಾಡಿ ಕಳೆದ ದಶಮಾನಗಳಲ್ಲಿ ಸಾಕಷ್ಟು ಬದಲಾವಣೆಗಳು ಆಗಿವೆ. ಸಾಕಷ್ಟು ರಾಷ್ಟ್ರಗಳು ಪ್ರಜಾಪ್ರಭುತ್ವ ವ್ಯವಸ್ಥೆಯನ್ನು ಅಳವಡಿಸಿಕೊಂಡಿದ್ದು ಮಾನವ ಹಕ್ಕುಗಳು ಉಲ್ಲಂಘನೆಯಾಗದಂತೆ ಕಾಪಾಡುವುದು ಸರ್ಕಾರದ ಕರ್ತವ್ಯ ಎಂದರು.

ಈ ಸಂದರ್ಭದಲ್ಲಿ ಕೆ.ಎಸ್.ಆರ್.ಟಿ.ಸಿ ವಿಭಾಗೀಯ ನಿಯಂತ್ರಣಾಧಿಕಾರಿ ಶ್ರೀನಾಥ್, ಜಿಲ್ಲಾ ಪ್ರಧಾನ ಕಾರ್ಯದರ್ಶಿ ಶ್ರೀನಿವಾಸ್, ಜಿಲ್ಲಾಧ್ಯಕ್ಷರಾದ ಬಿ.ಎಸ್.ಶ್ರೀನಾಥ್, ಸಂದೀಪ್, ಸಂತೋಷ್ ಮತ್ತಿತರರು ಉಪಸ್ಥಿತರಿದ್ದರು.
